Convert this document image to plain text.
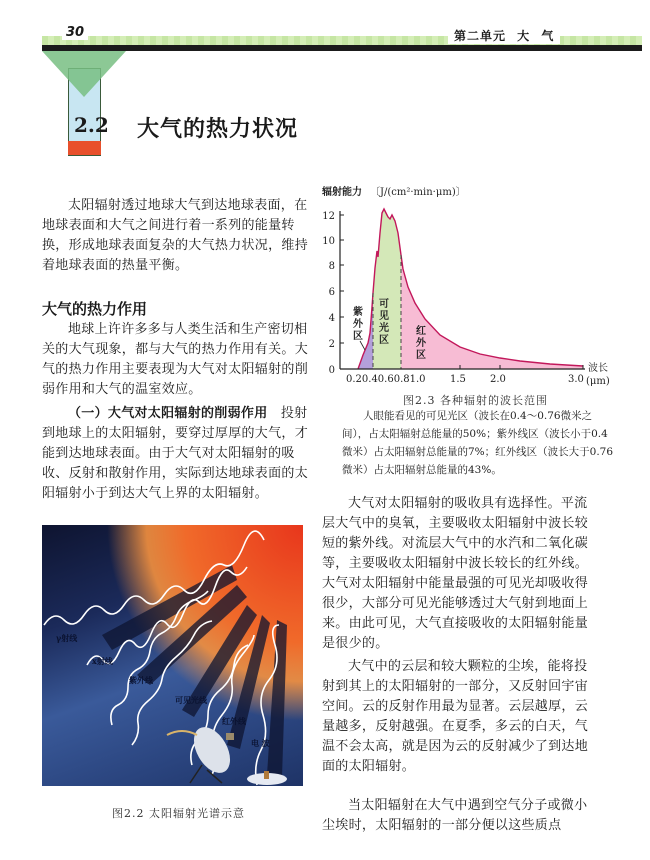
30	第二单元 大 气
2.2 大气的热力状况

太阳辐射透过地球大气到达地球表面，在地球表面和大气之间进行着一系列的能量转换，形成地球表面复杂的大气热力状况，维持着地球表面的热量平衡。

大气的热力作用

地球上许许多多与人类生活和生产密切相关的大气现象，都与大气的热力作用有关。大气的热力作用主要表现为大气对太阳辐射的削弱作用和大气的温室效应。

（一）大气对太阳辐射的削弱作用 投射到地球上的太阳辐射，要穿过厚厚的大气，才能到达地球表面。由于大气对太阳辐射的吸收、反射和散射作用，实际到达地球表面的太阳辐射小于到达大气上界的太阳辐射。

0
2
4
6
8
10
12
0.20.40.60.81.0 1.5 2.0	3.0 (μm)
波长
辐射能力 〔J/(cm²·min·μm)〕
紫
外
区
可
见
光
区
红
外
区
图2.3 各种辐射的波长范围

人眼能看见的可见光区（波长在0.4～0.76微米之间），占太阳辐射总能量的50%；紫外线区（波长小于0.4微米）占太阳辐射总能量的7%；红外线区（波长大于0.76微米）占太阳辐射总能量的43%。

大气对太阳辐射的吸收具有选择性。平流层大气中的臭氧，主要吸收太阳辐射中波长较短的紫外线。对流层大气中的水汽和二氧化碳等，主要吸收太阳辐射中波长较长的红外线。大气对太阳辐射中能量最强的可见光却吸收得很少，大部分可见光能够透过大气射到地面上来。由此可见，大气直接吸收的太阳辐射能量是很少的。

大气中的云层和较大颗粒的尘埃，能将投射到其上的太阳辐射的一部分，又反射回宇宙空间。云的反射作用最为显著。云层越厚，云量越多，反射越强。在夏季，多云的白天，气温不会太高，就是因为云的反射减少了到达地面的太阳辐射。

当太阳辐射在大气中遇到空气分子或微小尘埃时，太阳辐射的一部分便以这些质点

γ射线
x射线
紫外线
可见光线
红外线
电 波
图2.2 太阳辐射光谱示意
